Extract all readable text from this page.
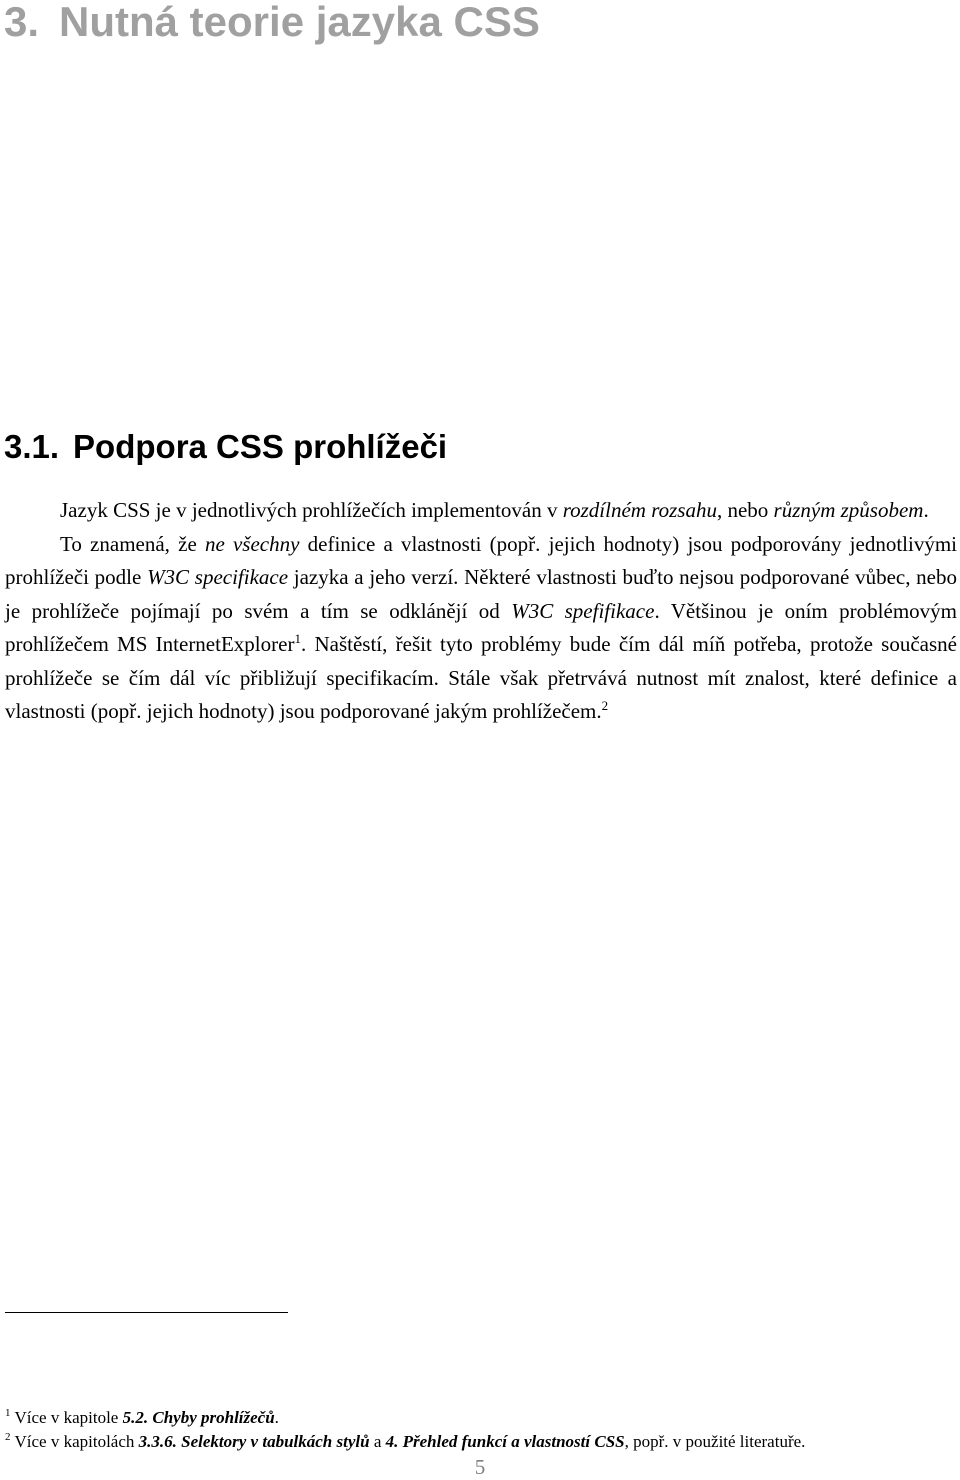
3. Nutná teorie jazyka CSS
3.1. Podpora CSS prohlížeči

Jazyk CSS je v jednotlivých prohlížečích implementován v rozdílném rozsahu, nebo různým způsobem.

To znamená, že ne všechny definice a vlastnosti (popř. jejich hodnoty) jsou podporovány jednotlivými prohlížeči podle W3C specifikace jazyka a jeho verzí. Některé vlastnosti buďto nejsou podporované vůbec, nebo je prohlížeče pojímají po svém a tím se odklánějí od W3C spefifikace. Většinou je oním problémovým prohlížečem MS InternetExplorer$^1$. Naštěstí, řešit tyto problémy bude čím dál míň potřeba, protože současné prohlížeče se čím dál víc přibližují specifikacím. Stále však přetrvává nutnost mít znalost, které definice a vlastnosti (popř. jejich hodnoty) jsou podporované jakým prohlížečem.$^2$

$^1$ Více v kapitole 5.2. Chyby prohlížečů.
$^2$ Více v kapitolách 3.3.6. Selektory v tabulkách stylů a 4. Přehled funkcí a vlastností CSS, popř. v použité literatuře.
5
